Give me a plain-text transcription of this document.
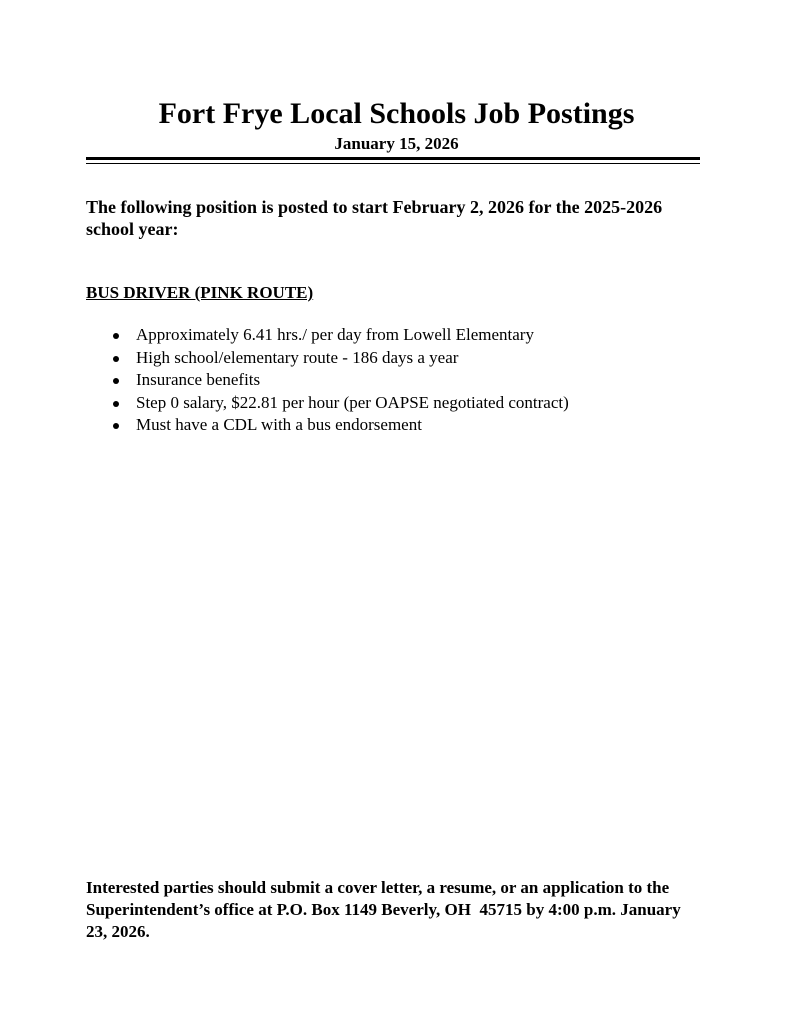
Fort Frye Local Schools Job Postings
January 15, 2026
The following position is posted to start February 2, 2026 for the 2025-2026 school year:
BUS DRIVER (PINK ROUTE)
Approximately 6.41 hrs./ per day from Lowell Elementary
High school/elementary route - 186 days a year
Insurance benefits
Step 0 salary, $22.81 per hour (per OAPSE negotiated contract)
Must have a CDL with a bus endorsement
Interested parties should submit a cover letter, a resume, or an application to the Superintendent’s office at P.O. Box 1149 Beverly, OH  45715 by 4:00 p.m. January 23, 2026.
